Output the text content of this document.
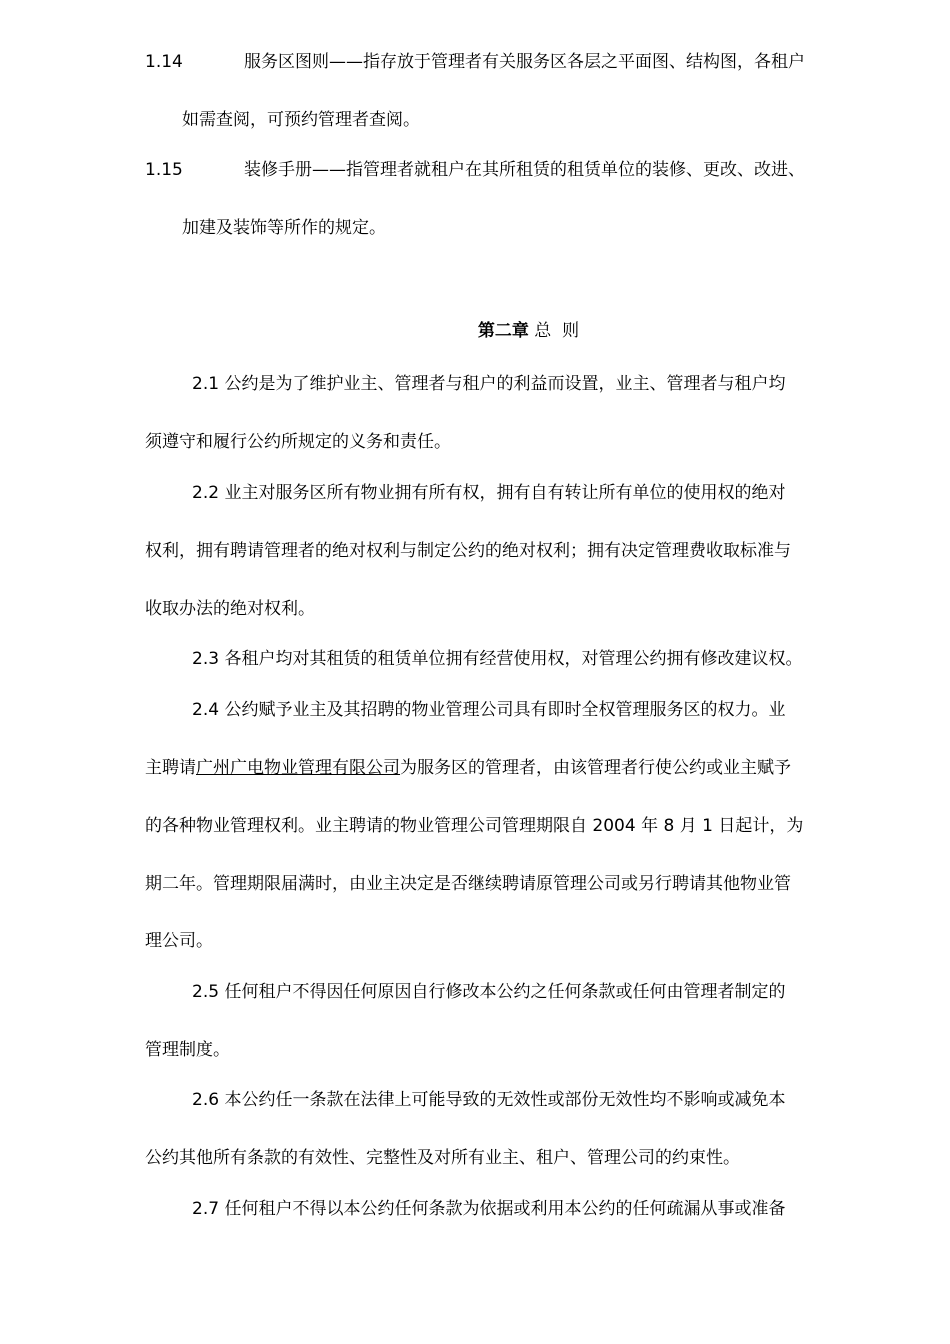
1.14	服务区图则——指存放于管理者有关服务区各层之平面图、结构图，各租户
如需查阅，可预约管理者查阅。
1.15	装修手册——指管理者就租户在其所租赁的租赁单位的装修、更改、改进、
加建及装饰等所作的规定。
第二章 总  则
2.1 公约是为了维护业主、管理者与租户的利益而设置，业主、管理者与租户均
须遵守和履行公约所规定的义务和责任。
2.2 业主对服务区所有物业拥有所有权，拥有自有转让所有单位的使用权的绝对
权利，拥有聘请管理者的绝对权利与制定公约的绝对权利；拥有决定管理费收取标准与
收取办法的绝对权利。
2.3 各租户均对其租赁的租赁单位拥有经营使用权，对管理公约拥有修改建议权。
2.4 公约赋予业主及其招聘的物业管理公司具有即时全权管理服务区的权力。业
主聘请广州广电物业管理有限公司为服务区的管理者，由该管理者行使公约或业主赋予
的各种物业管理权利。业主聘请的物业管理公司管理期限自 2004 年 8 月 1 日起计，为
期二年。管理期限届满时，由业主决定是否继续聘请原管理公司或另行聘请其他物业管
理公司。
2.5 任何租户不得因任何原因自行修改本公约之任何条款或任何由管理者制定的
管理制度。
2.6 本公约任一条款在法律上可能导致的无效性或部份无效性均不影响或减免本
公约其他所有条款的有效性、完整性及对所有业主、租户、管理公司的约束性。
2.7 任何租户不得以本公约任何条款为依据或利用本公约的任何疏漏从事或准备
